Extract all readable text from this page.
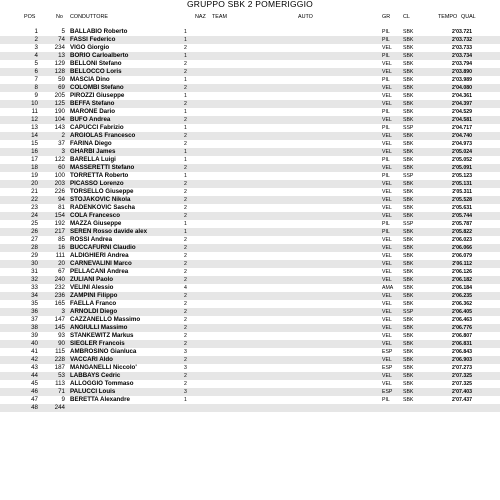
GRUPPO SBK 2 POMERIGGIO
POS	No CONDUTTORE	NAZ TEAM	AUTO	GR CL	TEMPO QUAL
1	5 BALLABIO Roberto	1	PIL	SBK	2'03.721
2	74 FASSI Federico	1	PIL	SBK	2'03.732
3	234 VIGO Giorgio	2	VEL SBK	2'03.733
4	13 BORIO Carloalberto	1	PIL	SBK	2'03.734
5	129 BELLONI Stefano	2	VEL SBK	2'03.794
6	128 BELLOCCO Loris	2	VEL SBK	2'03.890
7	59 MASCIA Dino	1	PIL	SBK	2'03.989
8	69 COLOMBI Stefano	2	VEL SBK	2'04.080
9	205 PIROZZI Giuseppe	1	VEL SBK	2'04.361
10	125 BEFFA Stefano	2	VEL SBK	2'04.397
11	190 MARONE Dario	1	PIL	SBK	2'04.529
12	104 BUFO Andrea	2	VEL SBK	2'04.581
13	143 CAPUCCI Fabrizio	1	PIL	SSP	2'04.717
14	2 ARGIOLAS Francesco	2	VEL SBK	2'04.740
15	37 FARINA Diego	2	VEL SBK	2'04.973
16	3 GHARBI James	1	VEL SBK	2'05.024
17	122 BARELLA Luigi	1	PIL	SBK	2'05.052
18	60 MASSERETTI Stefano	2	VEL SBK	2'05.091
19	100 TORRETTA Roberto	1	PIL	SSP	2'05.123
20	203 PICASSO Lorenzo	2	VEL SBK	2'05.131
21	226 TORSELLO Giuseppe	2	VEL SBK	2'05.311
22	94 STOJAKOVIC Nikola	2	VEL SBK	2'05.528
23	81 RADENKOVIC Sascha	2	VEL SBK	2'05.631
24	154 COLA Francesco	2	VEL SBK	2'05.744
25	192 MAZZA Giuseppe	1	PIL	SSP	2'05.787
26	217 SEREN Rosso davide alex	1	PIL	SBK	2'05.822
27	85 ROSSI Andrea	2	VEL SBK	2'06.023
28	16 BUCCAFURNI Claudio	2	VEL SBK	2'06.066
29	111 ALDIGHIERI Andrea	2	VEL SBK	2'06.079
30	20 CARNEVALINI Marco	2	VEL SBK	2'06.112
31	67 PELLACANI Andrea	2	VEL SBK	2'06.126
32	240 ZULIANI Paolo	2	VEL SBK	2'06.182
33	232 VELINI Alessio	4	AMA SBK	2'06.184
34	236 ZAMPINI Filippo	2	VEL SBK	2'06.235
35	165 FAELLA Franco	2	VEL SBK	2'06.362
36	3 ARNOLDI Diego	2	VEL SSP	2'06.405
37	147 CAZZANELLO Massimo	2	VEL SBK	2'06.463
38	145 ANGIULLI Massimo	2	VEL SBK	2'06.776
39	93 STANKEWITZ Markus	2	VEL SBK	2'06.807
40	90 SIEGLER Francois	2	VEL SBK	2'06.831
41	115 AMBROSINO Gianluca	3	ESP SBK	2'06.843
42	228 VACCARI Aldo	2	VEL SBK	2'06.903
43	187 MANGANELLI Niccolo'	3	ESP SBK	2'07.273
44	53 LABBAYS Cedric	2	VEL SBK	2'07.325
45	113 ALLOGGIO Tommaso	2	VEL SBK	2'07.325
46	71 PALUCCI Louis	3	ESP SBK	2'07.403
47	9 BERETTA Alexandre	1	PIL	SBK	2'07.437
48	244
